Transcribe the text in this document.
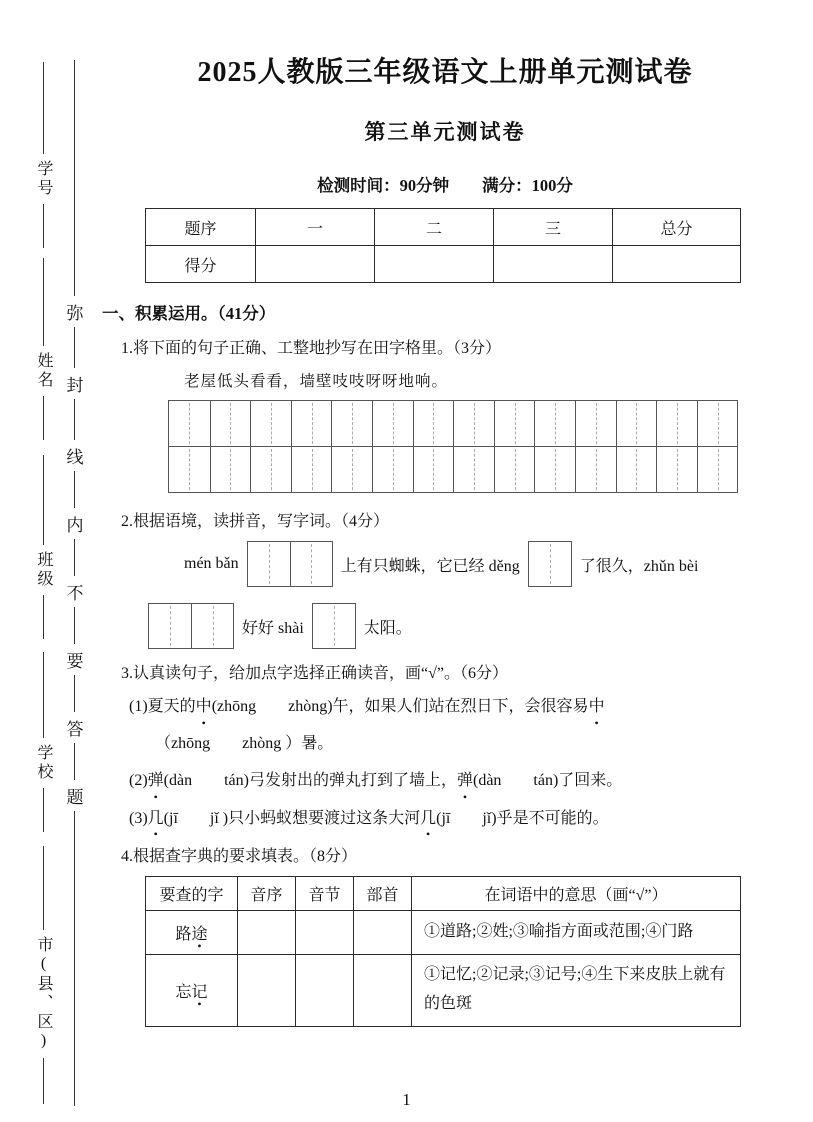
学号
姓名
班级
学校
市(县、区)
弥
封
线
内
不
要
答
题
2025人教版三年级语文上册单元测试卷
第三单元测试卷
检测时间：90分钟　　满分：100分
题序	一	二	三	总分
得分				
一、积累运用。（41分）
1.将下面的句子正确、工整地抄写在田字格里。（3分）
老屋低头看看，墙壁吱吱呀呀地响。
2.根据语境，读拼音，写字词。（4分）
mén bǎn	上有只蜘蛛，它已经 děng	了很久，zhǔn bèi
好好 shài	太阳。
3.认真读句子，给加点字选择正确读音，画“√”。（6分）
(1)夏天的中(zhōng　　zhòng)午，如果人们站在烈日下，会很容易中
（zhōng　　zhòng ）暑。
(2)弹(dàn　　tán)弓发射出的弹丸打到了墙上，弹(dàn　　tán)了回来。
(3)几(jī　　jǐ )只小蚂蚁想要渡过这条大河几(jī　　jǐ)乎是不可能的。
4.根据查字典的要求填表。（8分）
要查的字	音序	音节	部首	在词语中的意思（画“√”）
路途				①道路;②姓;③喻指方面或范围;④门路
忘记				①记忆;②记录;③记号;④生下来皮肤上就有的色斑
1
